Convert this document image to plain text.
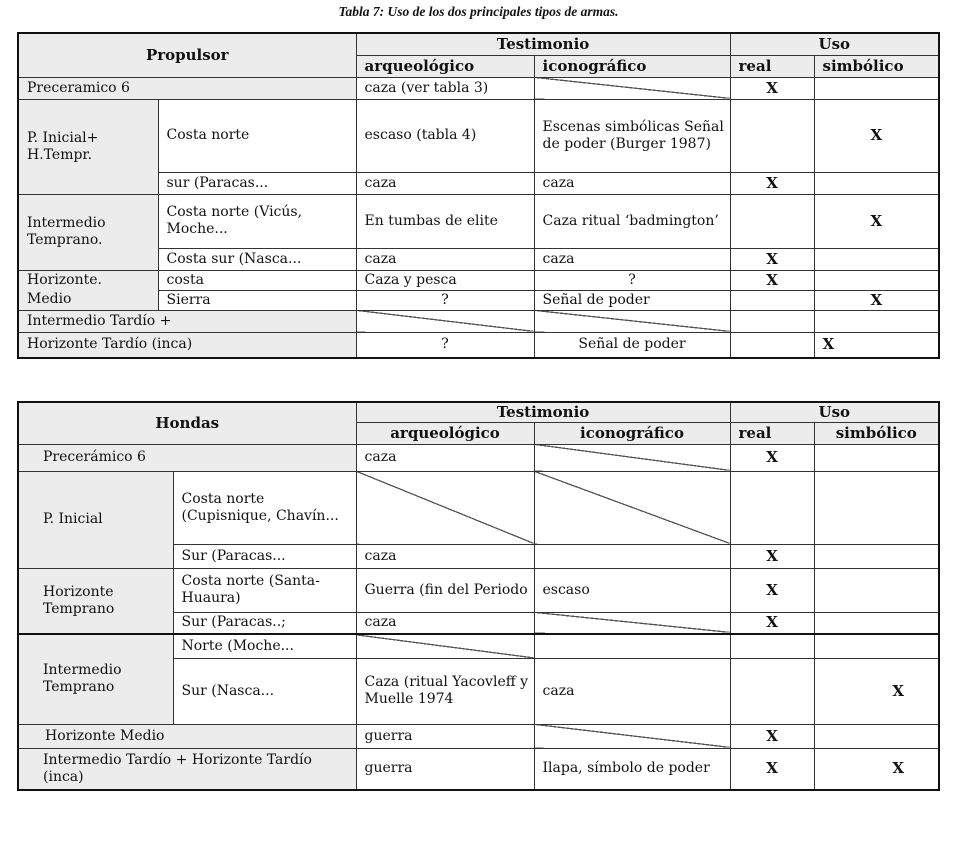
Tabla 7: Uso de los dos principales tipos de armas.
Propulsor		Testimonio		Uso	
		arqueológico	iconográfico	real	simbólico
Preceramico 6		caza (ver tabla 3)		X	
P. Inicial+ H.Tempr.	Costa norte	escaso (tabla 4)	Escenas simbólicas Señal de poder (Burger 1987)		X
	sur (Paracas...	caza	caza	X	
Intermedio Temprano.	Costa norte (Vicús, Moche...	En tumbas de elite	Caza ritual ‘badmington’		X
	Costa sur (Nasca...	caza	caza	X	
Horizonte.	costa	Caza y pesca	?	X	
Medio	Sierra	?	Señal de poder		X
Intermedio Tardío +					
Horizonte Tardío (inca)		?	Señal de poder		X
Hondas		Testimonio		Uso	
		arqueológico	iconográfico	real	simbólico
Precerámico 6		caza		X	
P. Inicial	Costa norte (Cupisnique, Chavín...				
	Sur (Paracas...	caza		X	
Horizonte Temprano	Costa norte (Santa-Huaura)	Guerra (fin del Periodo	escaso	X	
	Sur (Paracas..;	caza		X	
Intermedio Temprano	Norte (Moche...				
	Sur (Nasca...	Caza (ritual Yacovleff y Muelle 1974	caza		X
Horizonte Medio		guerra		X	
Intermedio Tardío + Horizonte Tardío (inca)		guerra	Ilapa, símbolo de poder	X	X
